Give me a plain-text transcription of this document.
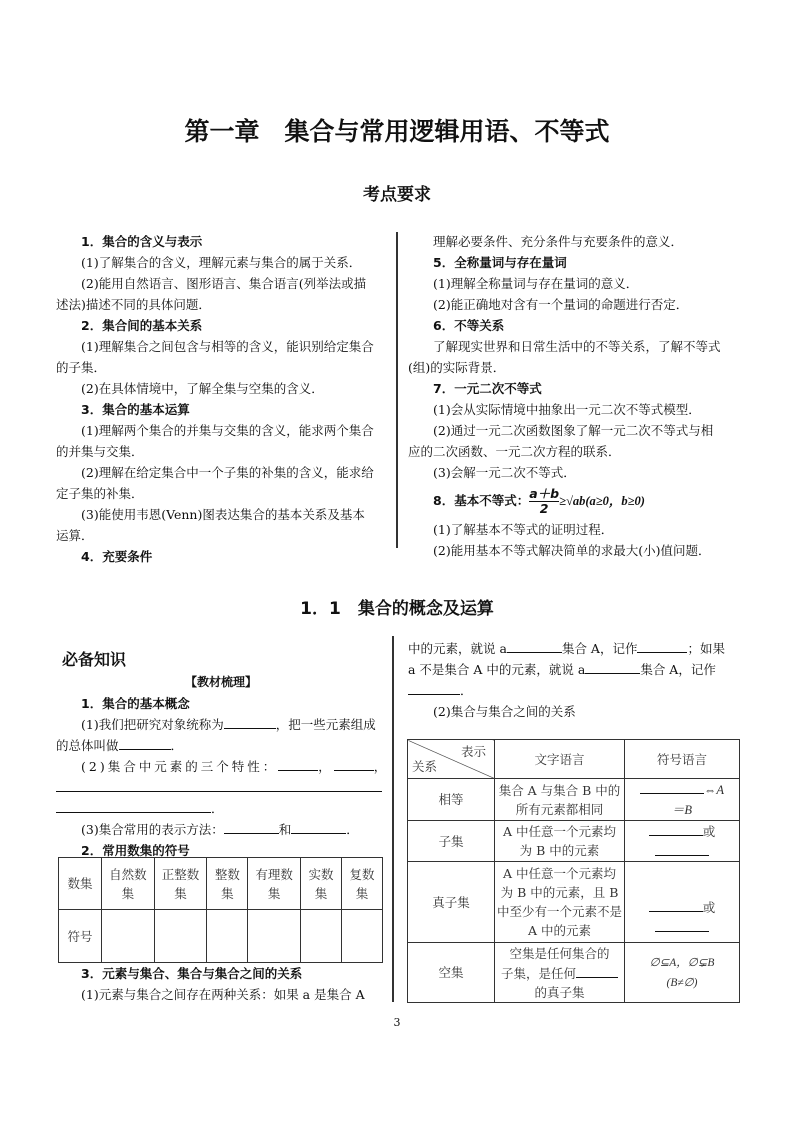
第一章　集合与常用逻辑用语、不等式
考点要求
1．集合的含义与表示
(1)了解集合的含义，理解元素与集合的属于关系．
(2)能用自然语言、图形语言、集合语言(列举法或描
述法)描述不同的具体问题．
2．集合间的基本关系
(1)理解集合之间包含与相等的含义，能识别给定集合
的子集．
(2)在具体情境中，了解全集与空集的含义．
3．集合的基本运算
(1)理解两个集合的并集与交集的含义，能求两个集合
的并集与交集．
(2)理解在给定集合中一个子集的补集的含义，能求给
定子集的补集．
(3)能使用韦恩(Venn)图表达集合的基本关系及基本
运算．
4．充要条件
理解必要条件、充分条件与充要条件的意义．
5．全称量词与存在量词
(1)理解全称量词与存在量词的意义．
(2)能正确地对含有一个量词的命题进行否定．
6．不等关系
了解现实世界和日常生活中的不等关系，了解不等式
(组)的实际背景．
7．一元二次不等式
(1)会从实际情境中抽象出一元二次不等式模型．
(2)通过一元二次函数图象了解一元二次不等式与相
应的二次函数、一元二次方程的联系．
(3)会解一元二次不等式．
8．基本不等式： $\frac{a+b}{2} \ge√ab(a\ge 0$，b≥0)
(1)了解基本不等式的证明过程．
(2)能用基本不等式解决简单的求最大(小)值问题．
1．1　集合的概念及运算
必备知识
【教材梳理】
1．集合的基本概念
(1)我们把研究对象统称为	，把一些元素组成
的总体叫做	．
(2)集合中元素的三个特性：	，	，
．
(3)集合常用的表示方法：	和	．
2．常用数集的符号
数集	自然数集	正整数集	整数集	有理数集	实数集	复数集
符号						
3．元素与集合、集合与集合之间的关系
(1)元素与集合之间存在两种关系：如果 a 是集合 A
中的元素，就说 a	集合 A，记作	；如果
a 不是集合 A 中的元素，就说 a	集合 A，记作
．
(2)集合与集合之间的关系
表示
关系	文字语言	符号语言
相等	集合 A 与集合 B 中的所有元素都相同	⇔A
＝B
子集	A 中任意一个元素均为 B 中的元素	或

真子集	A 中任意一个元素均为 B 中的元素，且 B 中至少有一个元素不是 A 中的元素	或

空集	空集是任何集合的
子集，是任何
的真子集	∅⊆A，∅⊊B
(B≠∅)
3
